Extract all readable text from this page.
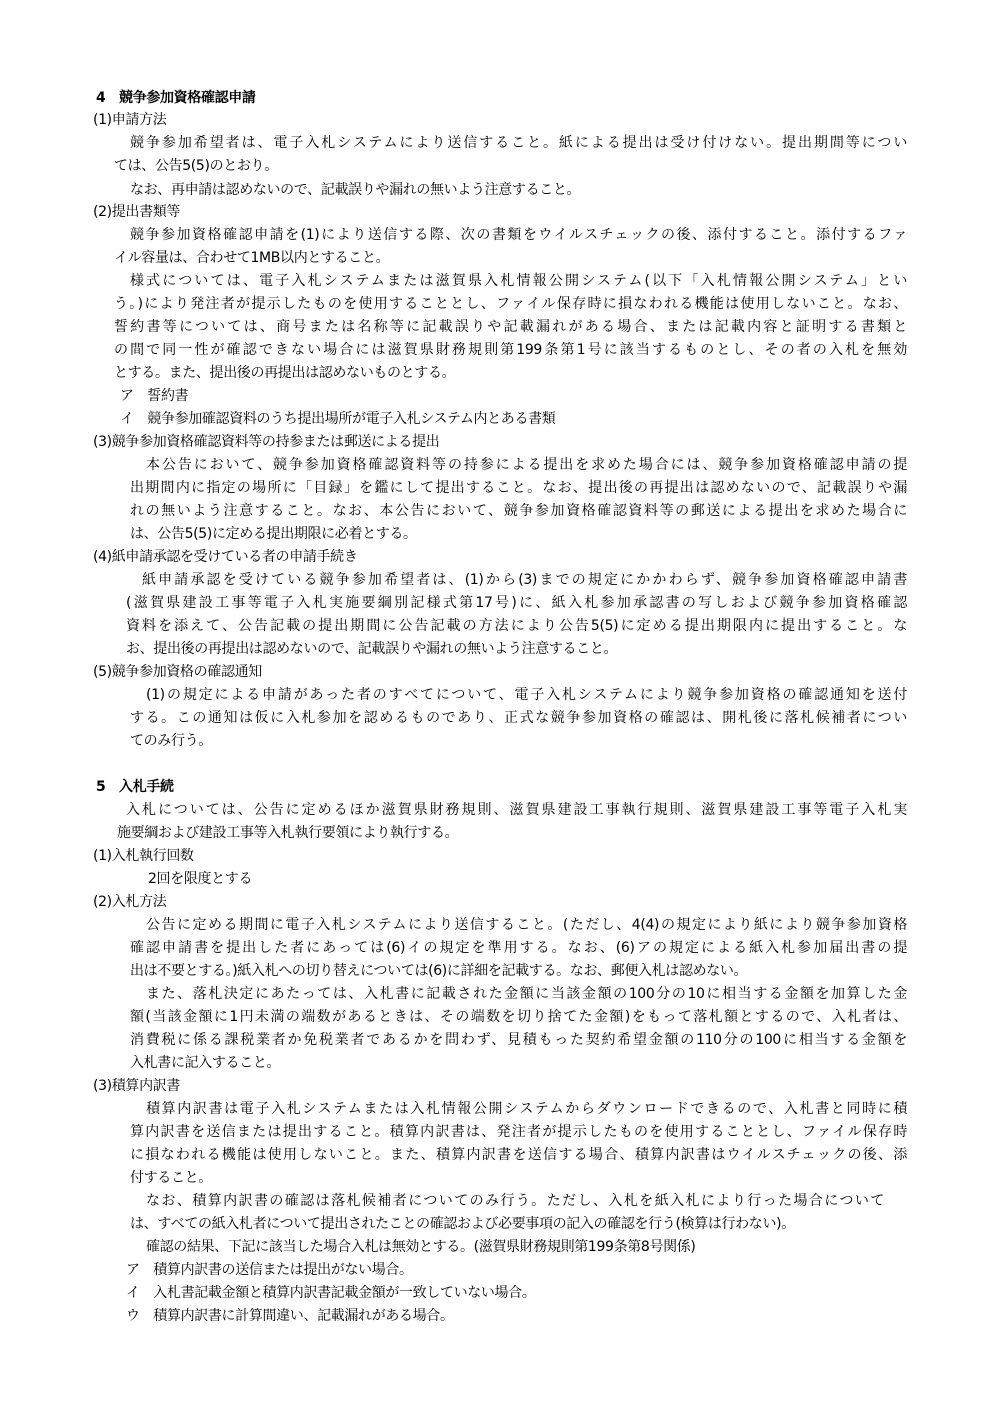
4　競争参加資格確認申請
(1)申請方法
競争参加希望者は、電子入札システムにより送信すること。紙による提出は受け付けない。提出期間等につい
ては、公告5(5)のとおり。
なお、再申請は認めないので、記載誤りや漏れの無いよう注意すること。
(2)提出書類等
競争参加資格確認申請を(1)により送信する際、次の書類をウイルスチェックの後、添付すること。添付するファ
イル容量は、合わせて1MB以内とすること。
様式については、電子入札システムまたは滋賀県入札情報公開システム(以下「入札情報公開システム」とい
う。)により発注者が提示したものを使用することとし、ファイル保存時に損なわれる機能は使用しないこと。なお、
誓約書等については、商号または名称等に記載誤りや記載漏れがある場合、または記載内容と証明する書類と
の間で同一性が確認できない場合には滋賀県財務規則第199条第1号に該当するものとし、その者の入札を無効
とする。また、提出後の再提出は認めないものとする。
ア　誓約書
イ　競争参加確認資料のうち提出場所が電子入札システム内とある書類
(3)競争参加資格確認資料等の持参または郵送による提出
本公告において、競争参加資格確認資料等の持参による提出を求めた場合には、競争参加資格確認申請の提
出期間内に指定の場所に「目録」を鑑にして提出すること。なお、提出後の再提出は認めないので、記載誤りや漏
れの無いよう注意すること。なお、本公告において、競争参加資格確認資料等の郵送による提出を求めた場合に
は、公告5(5)に定める提出期限に必着とする。
(4)紙申請承認を受けている者の申請手続き
紙申請承認を受けている競争参加希望者は、(1)から(3)までの規定にかかわらず、競争参加資格確認申請書
(滋賀県建設工事等電子入札実施要綱別記様式第17号)に、紙入札参加承認書の写しおよび競争参加資格確認
資料を添えて、公告記載の提出期間に公告記載の方法により公告5(5)に定める提出期限内に提出すること。な
お、提出後の再提出は認めないので、記載誤りや漏れの無いよう注意すること。
(5)競争参加資格の確認通知
(1)の規定による申請があった者のすべてについて、電子入札システムにより競争参加資格の確認通知を送付
する。この通知は仮に入札参加を認めるものであり、正式な競争参加資格の確認は、開札後に落札候補者につい
てのみ行う。
5　入札手続
入札については、公告に定めるほか滋賀県財務規則、滋賀県建設工事執行規則、滋賀県建設工事等電子入札実
施要綱および建設工事等入札執行要領により執行する。
(1)入札執行回数
2回を限度とする
(2)入札方法
公告に定める期間に電子入札システムにより送信すること。(ただし、4(4)の規定により紙により競争参加資格
確認申請書を提出した者にあっては(6)イの規定を準用する。なお、(6)アの規定による紙入札参加届出書の提
出は不要とする。)紙入札への切り替えについては(6)に詳細を記載する。なお、郵便入札は認めない。
また、落札決定にあたっては、入札書に記載された金額に当該金額の100分の10に相当する金額を加算した金
額(当該金額に1円未満の端数があるときは、その端数を切り捨てた金額)をもって落札額とするので、入札者は、
消費税に係る課税業者か免税業者であるかを問わず、見積もった契約希望金額の110分の100に相当する金額を
入札書に記入すること。
(3)積算内訳書
積算内訳書は電子入札システムまたは入札情報公開システムからダウンロードできるので、入札書と同時に積
算内訳書を送信または提出すること。積算内訳書は、発注者が提示したものを使用することとし、ファイル保存時
に損なわれる機能は使用しないこと。また、積算内訳書を送信する場合、積算内訳書はウイルスチェックの後、添
付すること。
なお、積算内訳書の確認は落札候補者についてのみ行う。ただし、入札を紙入札により行った場合について
は、すべての紙入札者について提出されたことの確認および必要事項の記入の確認を行う(検算は行わない)。
確認の結果、下記に該当した場合入札は無効とする。(滋賀県財務規則第199条第8号関係)
ア　積算内訳書の送信または提出がない場合。
イ　入札書記載金額と積算内訳書記載金額が一致していない場合。
ウ　積算内訳書に計算間違い、記載漏れがある場合。
